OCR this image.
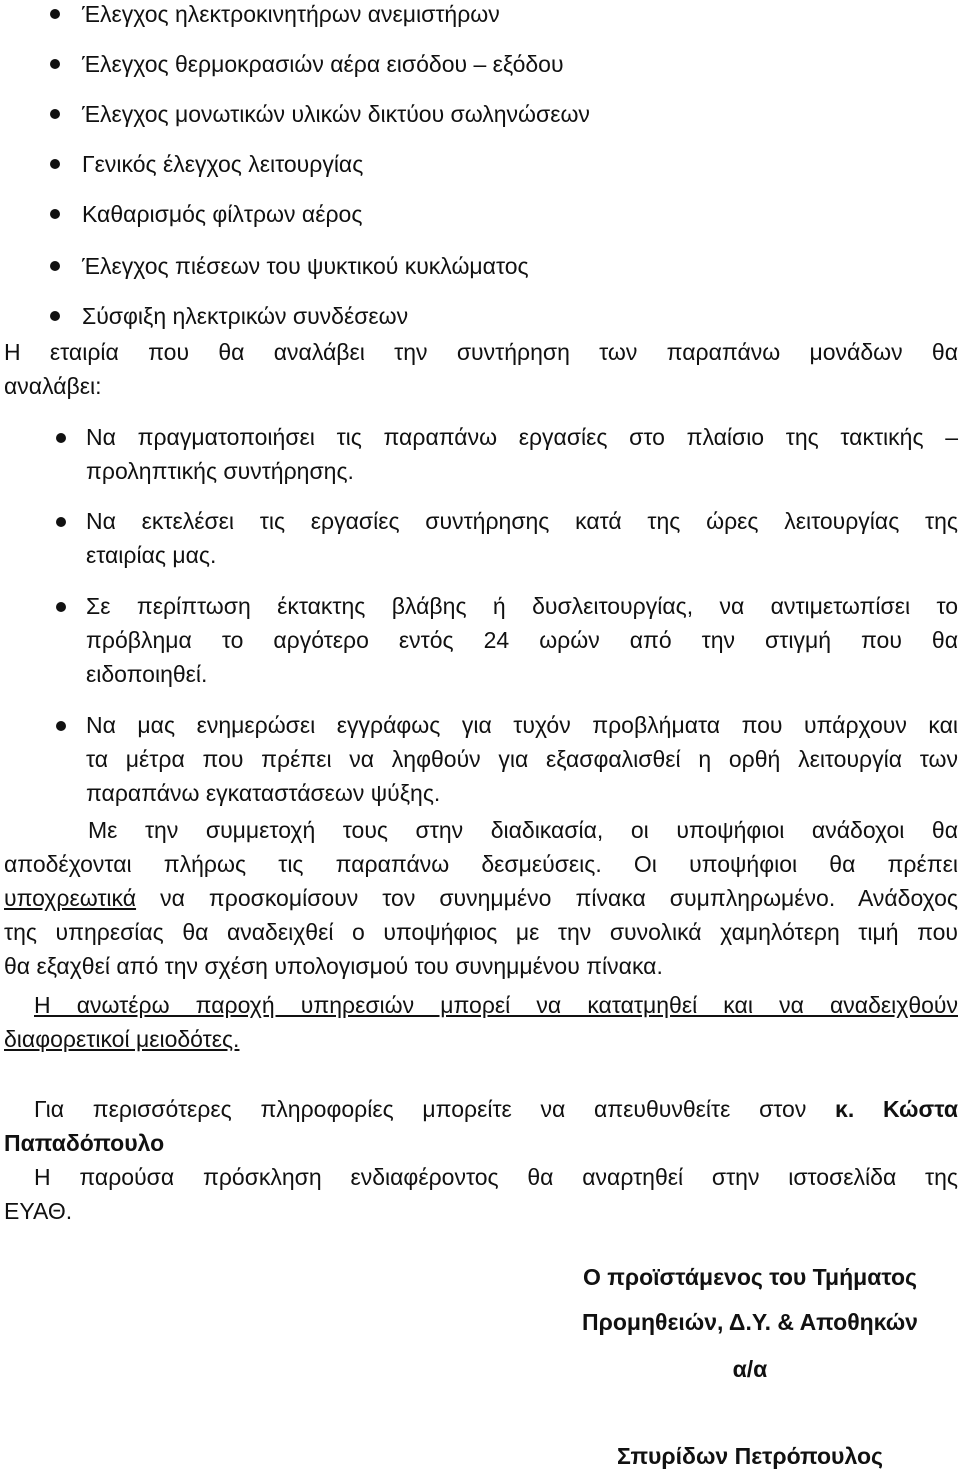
Έλεγχος ηλεκτροκινητήρων ανεμιστήρων
Έλεγχος θερμοκρασιών αέρα εισόδου – εξόδου
Έλεγχος μονωτικών υλικών δικτύου σωληνώσεων
Γενικός έλεγχος λειτουργίας
Καθαρισμός φίλτρων αέρος
Έλεγχος πιέσεων του ψυκτικού κυκλώματος
Σύσφιξη ηλεκτρικών συνδέσεων
Η εταιρία που θα αναλάβει την συντήρηση των παραπάνω μονάδων θα
αναλάβει:
Να πραγματοποιήσει τις παραπάνω εργασίες στο πλαίσιο της τακτικής –
προληπτικής συντήρησης.
Να εκτελέσει τις εργασίες συντήρησης κατά της ώρες λειτουργίας της
εταιρίας μας.
Σε περίπτωση έκτακτης βλάβης ή δυσλειτουργίας, να αντιμετωπίσει το
πρόβλημα το αργότερο εντός 24 ωρών από την στιγμή που θα
ειδοποιηθεί.
Να μας ενημερώσει εγγράφως για τυχόν προβλήματα που υπάρχουν και
τα μέτρα που πρέπει να ληφθούν για εξασφαλισθεί η ορθή λειτουργία των
παραπάνω εγκαταστάσεων ψύξης.
Με την συμμετοχή τους στην διαδικασία, οι υποψήφιοι ανάδοχοι θα
αποδέχονται πλήρως τις παραπάνω δεσμεύσεις. Οι υποψήφιοι θα πρέπει
υποχρεωτικά να προσκομίσουν τον συνημμένο πίνακα συμπληρωμένο. Ανάδοχος
της υπηρεσίας θα αναδειχθεί ο υποψήφιος με την συνολικά χαμηλότερη τιμή που
θα εξαχθεί από την σχέση υπολογισμού του συνημμένου πίνακα.
Η ανωτέρω παροχή υπηρεσιών μπορεί να κατατμηθεί και να αναδειχθούν
διαφορετικοί μειοδότες.
Για περισσότερες πληροφορίες μπορείτε να απευθυνθείτε στον κ. Κώστα
Παπαδόπουλο
Η παρούσα πρόσκληση ενδιαφέροντος θα αναρτηθεί στην ιστοσελίδα της
ΕΥΑΘ.
Ο προϊστάμενος του Τμήματος
Προμηθειών, Δ.Υ. & Αποθηκών
α/α
Σπυρίδων Πετρόπουλος
